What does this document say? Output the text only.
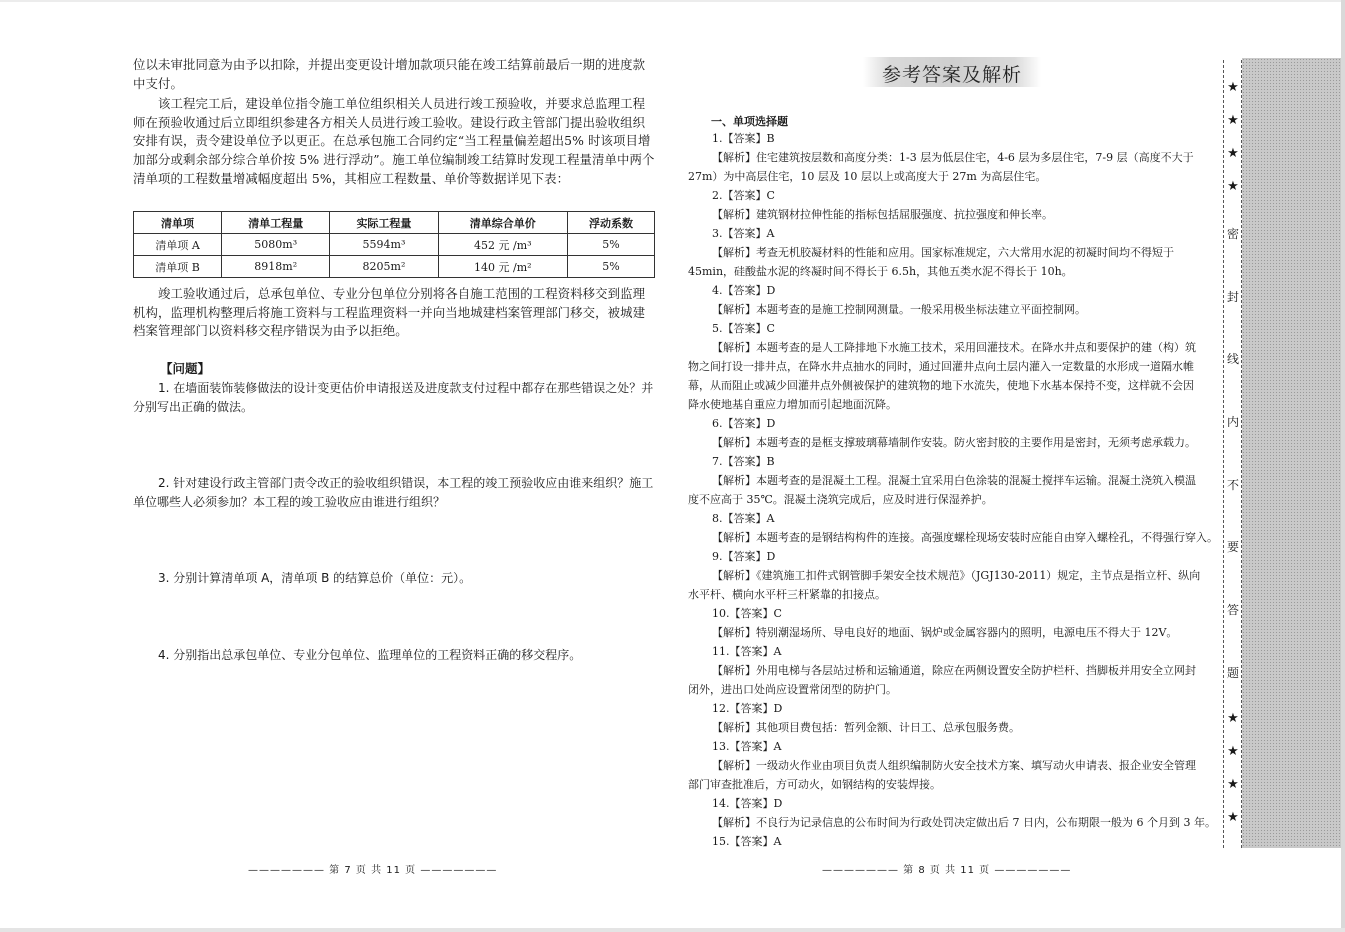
位以未审批同意为由予以扣除，并提出变更设计增加款项只能在竣工结算前最后一期的进度款中支付。
该工程完工后，建设单位指令施工单位组织相关人员进行竣工预验收，并要求总监理工程师在预验收通过后立即组织参建各方相关人员进行竣工验收。建设行政主管部门提出验收组织安排有误，责令建设单位予以更正。在总承包施工合同约定“当工程量偏差超出5% 时该项目增加部分或剩余部分综合单价按 5% 进行浮动”。施工单位编制竣工结算时发现工程量清单中两个清单项的工程数量增减幅度超出 5%，其相应工程数量、单价等数据详见下表：
清单项	清单工程量	实际工程量	清单综合单价	浮动系数
清单项 A	5080m³	5594m³	452 元 /m³	5%
清单项 B	8918m²	8205m²	140 元 /m²	5%
竣工验收通过后，总承包单位、专业分包单位分别将各自施工范围的工程资料移交到监理机构，监理机构整理后将施工资料与工程监理资料一并向当地城建档案管理部门移交，被城建档案管理部门以资料移交程序错误为由予以拒绝。
【问题】
1. 在墙面装饰装修做法的设计变更估价申请报送及进度款支付过程中都存在那些错误之处？并分别写出正确的做法。
2. 针对建设行政主管部门责令改正的验收组织错误，本工程的竣工预验收应由谁来组织？施工单位哪些人必须参加？本工程的竣工验收应由谁进行组织？
3. 分别计算清单项 A，清单项 B 的结算总价（单位：元）。
4. 分别指出总承包单位、专业分包单位、监理单位的工程资料正确的移交程序。
——————— 第 7 页 共 11 页 ———————
参考答案及解析
一、单项选择题
1.【答案】B
【解析】住宅建筑按层数和高度分类：1-3 层为低层住宅，4-6 层为多层住宅，7-9 层（高度不大于
27m）为中高层住宅，10 层及 10 层以上或高度大于 27m 为高层住宅。
2.【答案】C
【解析】建筑钢材拉伸性能的指标包括屈服强度、抗拉强度和伸长率。
3.【答案】A
【解析】考查无机胶凝材料的性能和应用。国家标准规定，六大常用水泥的初凝时间均不得短于
45min，硅酸盐水泥的终凝时间不得长于 6.5h，其他五类水泥不得长于 10h。
4.【答案】D
【解析】本题考查的是施工控制网测量。一般采用极坐标法建立平面控制网。
5.【答案】C
【解析】本题考查的是人工降排地下水施工技术，采用回灌技术。在降水井点和要保护的建（构）筑
物之间打设一排井点，在降水井点抽水的同时，通过回灌井点向土层内灌入一定数量的水形成一道隔水帷
幕，从而阻止或减少回灌井点外侧被保护的建筑物的地下水流失，使地下水基本保持不变，这样就不会因
降水使地基自重应力增加而引起地面沉降。
6.【答案】D
【解析】本题考查的是框支撑玻璃幕墙制作安装。防火密封胶的主要作用是密封，无须考虑承载力。
7.【答案】B
【解析】本题考查的是混凝土工程。混凝土宜采用白色涂装的混凝土搅拌车运输。混凝土浇筑入模温
度不应高于 35℃。混凝土浇筑完成后，应及时进行保湿养护。
8.【答案】A
【解析】本题考查的是钢结构构件的连接。高强度螺栓现场安装时应能自由穿入螺栓孔，不得强行穿入。
9.【答案】D
【解析】《建筑施工扣件式钢管脚手架安全技术规范》（JGJ130-2011）规定，主节点是指立杆、纵向
水平杆、横向水平杆三杆紧靠的扣接点。
10.【答案】C
【解析】特别潮湿场所、导电良好的地面、锅炉或金属容器内的照明，电源电压不得大于 12V。
11.【答案】A
【解析】外用电梯与各层站过桥和运输通道，除应在两侧设置安全防护栏杆、挡脚板并用安全立网封
闭外，进出口处尚应设置常闭型的防护门。
12.【答案】D
【解析】其他项目费包括：暂列金额、计日工、总承包服务费。
13.【答案】A
【解析】一级动火作业由项目负责人组织编制防火安全技术方案、填写动火申请表、报企业安全管理
部门审查批准后，方可动火，如钢结构的安装焊接。
14.【答案】D
【解析】不良行为记录信息的公布时间为行政处罚决定做出后 7 日内，公布期限一般为 6 个月到 3 年。
15.【答案】A
——————— 第 8 页 共 11 页 ———————
★
★
★
★
密
封
线
内
不
要
答
题
★
★
★
★
